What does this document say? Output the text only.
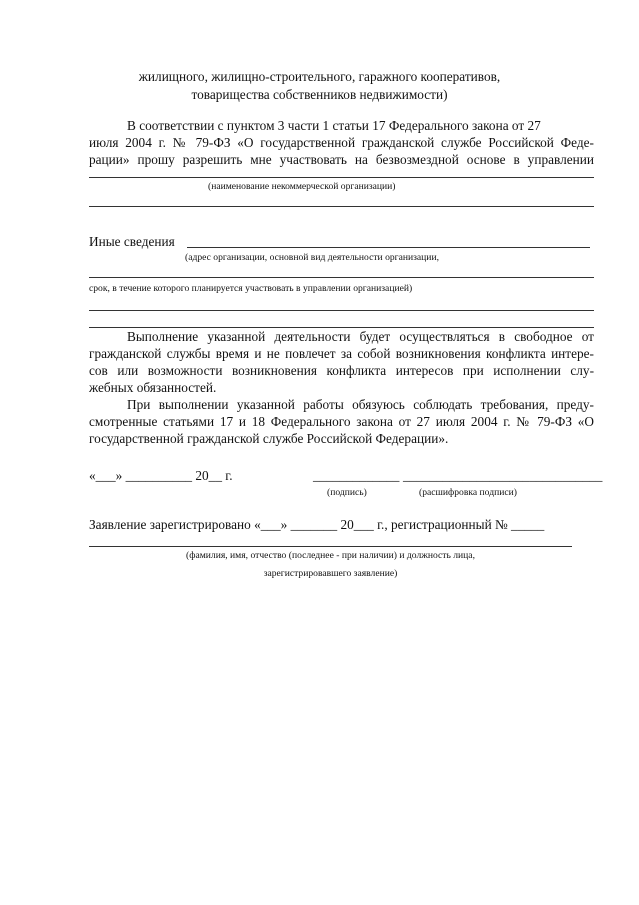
жилищного, жилищно-строительного, гаражного кооперативов,
товарищества собственников недвижимости)
В соответствии с пунктом 3 части 1 статьи 17 Федерального закона от 27
июля 2004 г. № 79-ФЗ «О государственной гражданской службе Российской Феде-
рации» прошу разрешить мне участвовать на безвозмездной основе в управлении
(наименование некоммерческой организации)
Иные сведения
(адрес организации, основной вид деятельности организации,
срок, в течение которого планируется участвовать в управлении организацией)
Выполнение указанной деятельности будет осуществляться в свободное от
гражданской службы время и не повлечет за собой возникновения конфликта интере-
сов или возможности возникновения конфликта интересов при исполнении слу-
жебных обязанностей.
При выполнении указанной работы обязуюсь соблюдать требования, преду-
смотренные статьями 17 и 18 Федерального закона от 27 июля 2004 г. № 79-ФЗ «О
государственной гражданской службе Российской Федерации».
«___» __________ 20__ г.	_____________ ______________________________
(подпись)	(расшифровка подписи)
Заявление зарегистрировано «___» _______ 20___ г., регистрационный № _____
(фамилия, имя, отчество (последнее - при наличии) и должность лица,
зарегистрировавшего заявление)
